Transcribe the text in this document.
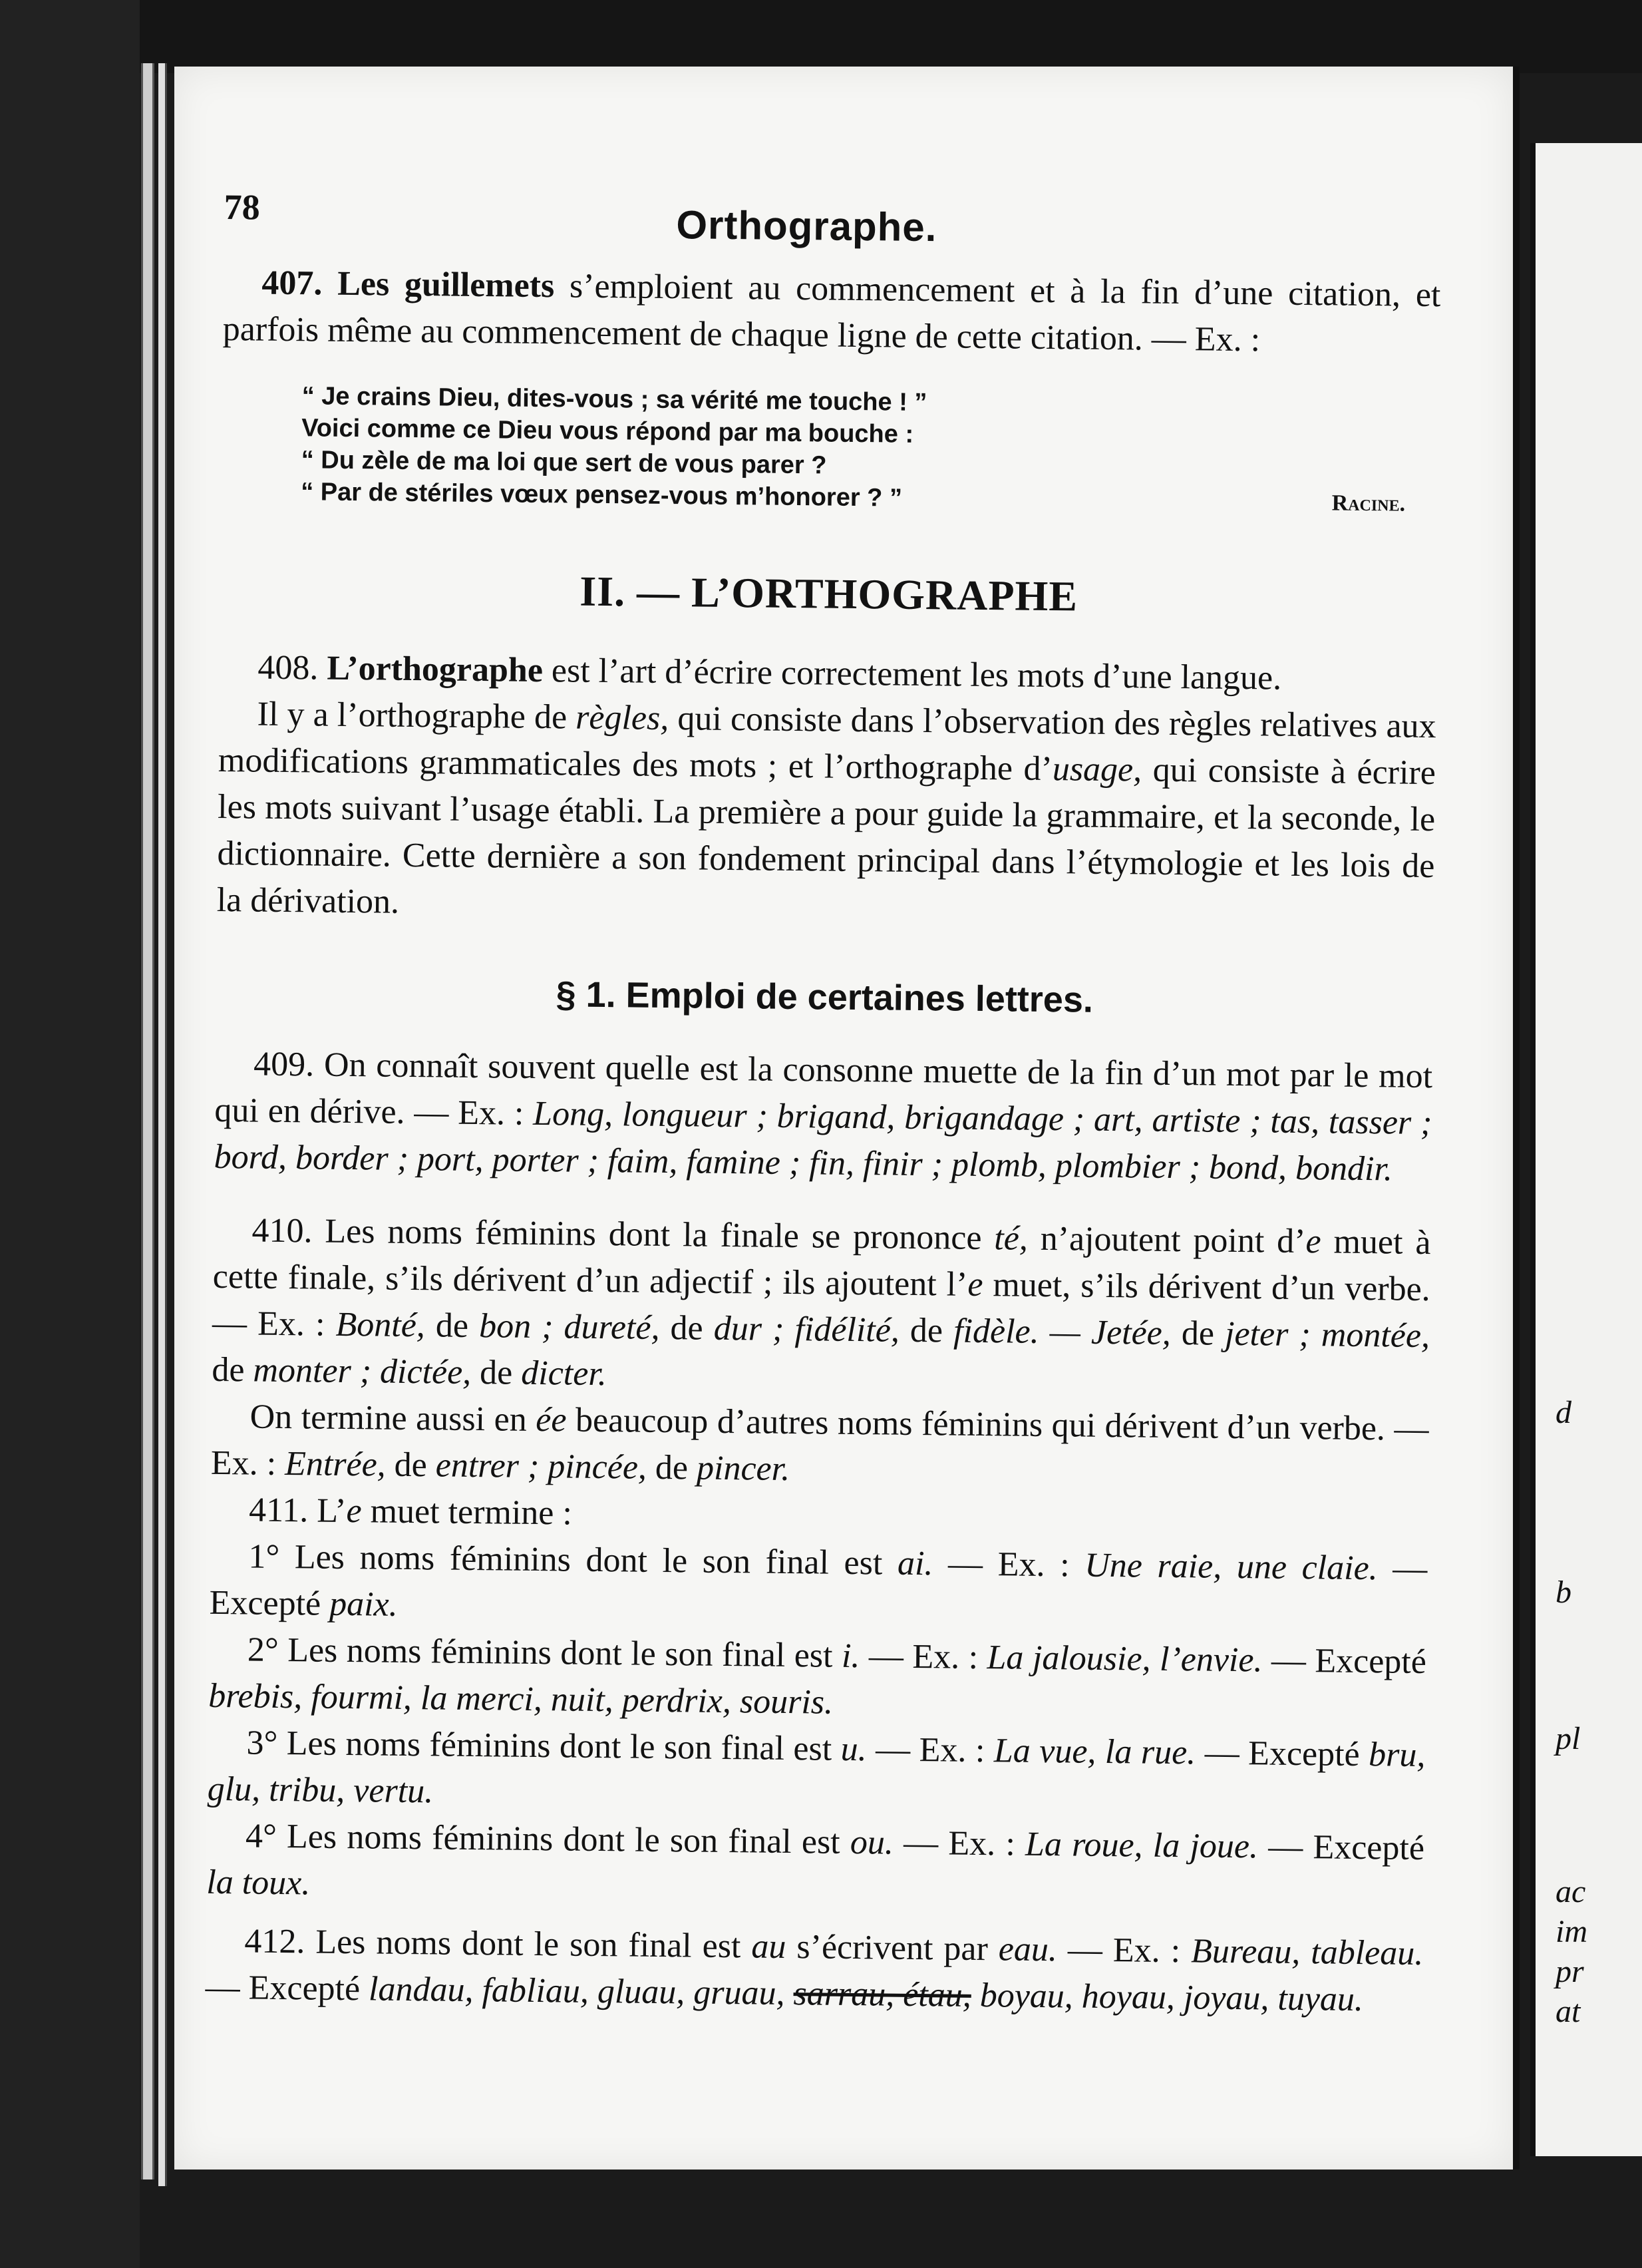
d
b
pl
ac
im
pr
at
78	Orthographe.

407. Les guillemets s’emploient au commencement et à la fin d’une citation, et parfois même au commencement de chaque ligne de cette citation. — Ex. :

“ Je crains Dieu, dites-vous ; sa vérité me touche ! ”
Voici comme ce Dieu vous répond par ma bouche :
“ Du zèle de ma loi que sert de vous parer ?
“ Par de stériles vœux pensez-vous m’honorer ? ”	Racine.
II. — L’ORTHOGRAPHE

408. L’orthographe est l’art d’écrire correctement les mots d’une langue.

Il y a l’orthographe de règles, qui consiste dans l’observation des règles relatives aux modifications grammaticales des mots ; et l’orthographe d’usage, qui consiste à écrire les mots suivant l’usage établi. La première a pour guide la grammaire, et la seconde, le dictionnaire. Cette dernière a son fondement principal dans l’étymologie et les lois de la dérivation.

§ 1. Emploi de certaines lettres.

409. On connaît souvent quelle est la consonne muette de la fin d’un mot par le mot qui en dérive. — Ex. : Long, longueur ; brigand, brigandage ; art, artiste ; tas, tasser ; bord, border ; port, porter ; faim, famine ; fin, finir ; plomb, plombier ; bond, bondir.

410. Les noms féminins dont la finale se prononce té, n’ajoutent point d’e muet à cette finale, s’ils dérivent d’un adjectif ; ils ajoutent l’e muet, s’ils dérivent d’un verbe. — Ex. : Bonté, de bon ; dureté, de dur ; fidélité, de fidèle. — Jetée, de jeter ; montée, de monter ; dictée, de dicter.

On termine aussi en ée beaucoup d’autres noms féminins qui dérivent d’un verbe. — Ex. : Entrée, de entrer ; pincée, de pincer.

411. L’e muet termine :

1° Les noms féminins dont le son final est ai. — Ex. : Une raie, une claie. — Excepté paix.

2° Les noms féminins dont le son final est i. — Ex. : La jalousie, l’envie. — Excepté brebis, fourmi, la merci, nuit, perdrix, souris.

3° Les noms féminins dont le son final est u. — Ex. : La vue, la rue. — Excepté bru, glu, tribu, vertu.

4° Les noms féminins dont le son final est ou. — Ex. : La roue, la joue. — Excepté la toux.

412. Les noms dont le son final est au s’écrivent par eau. — Ex. : Bureau, tableau. — Excepté landau, fabliau, gluau, gruau, sarrau, étau, boyau, hoyau, joyau, tuyau.
